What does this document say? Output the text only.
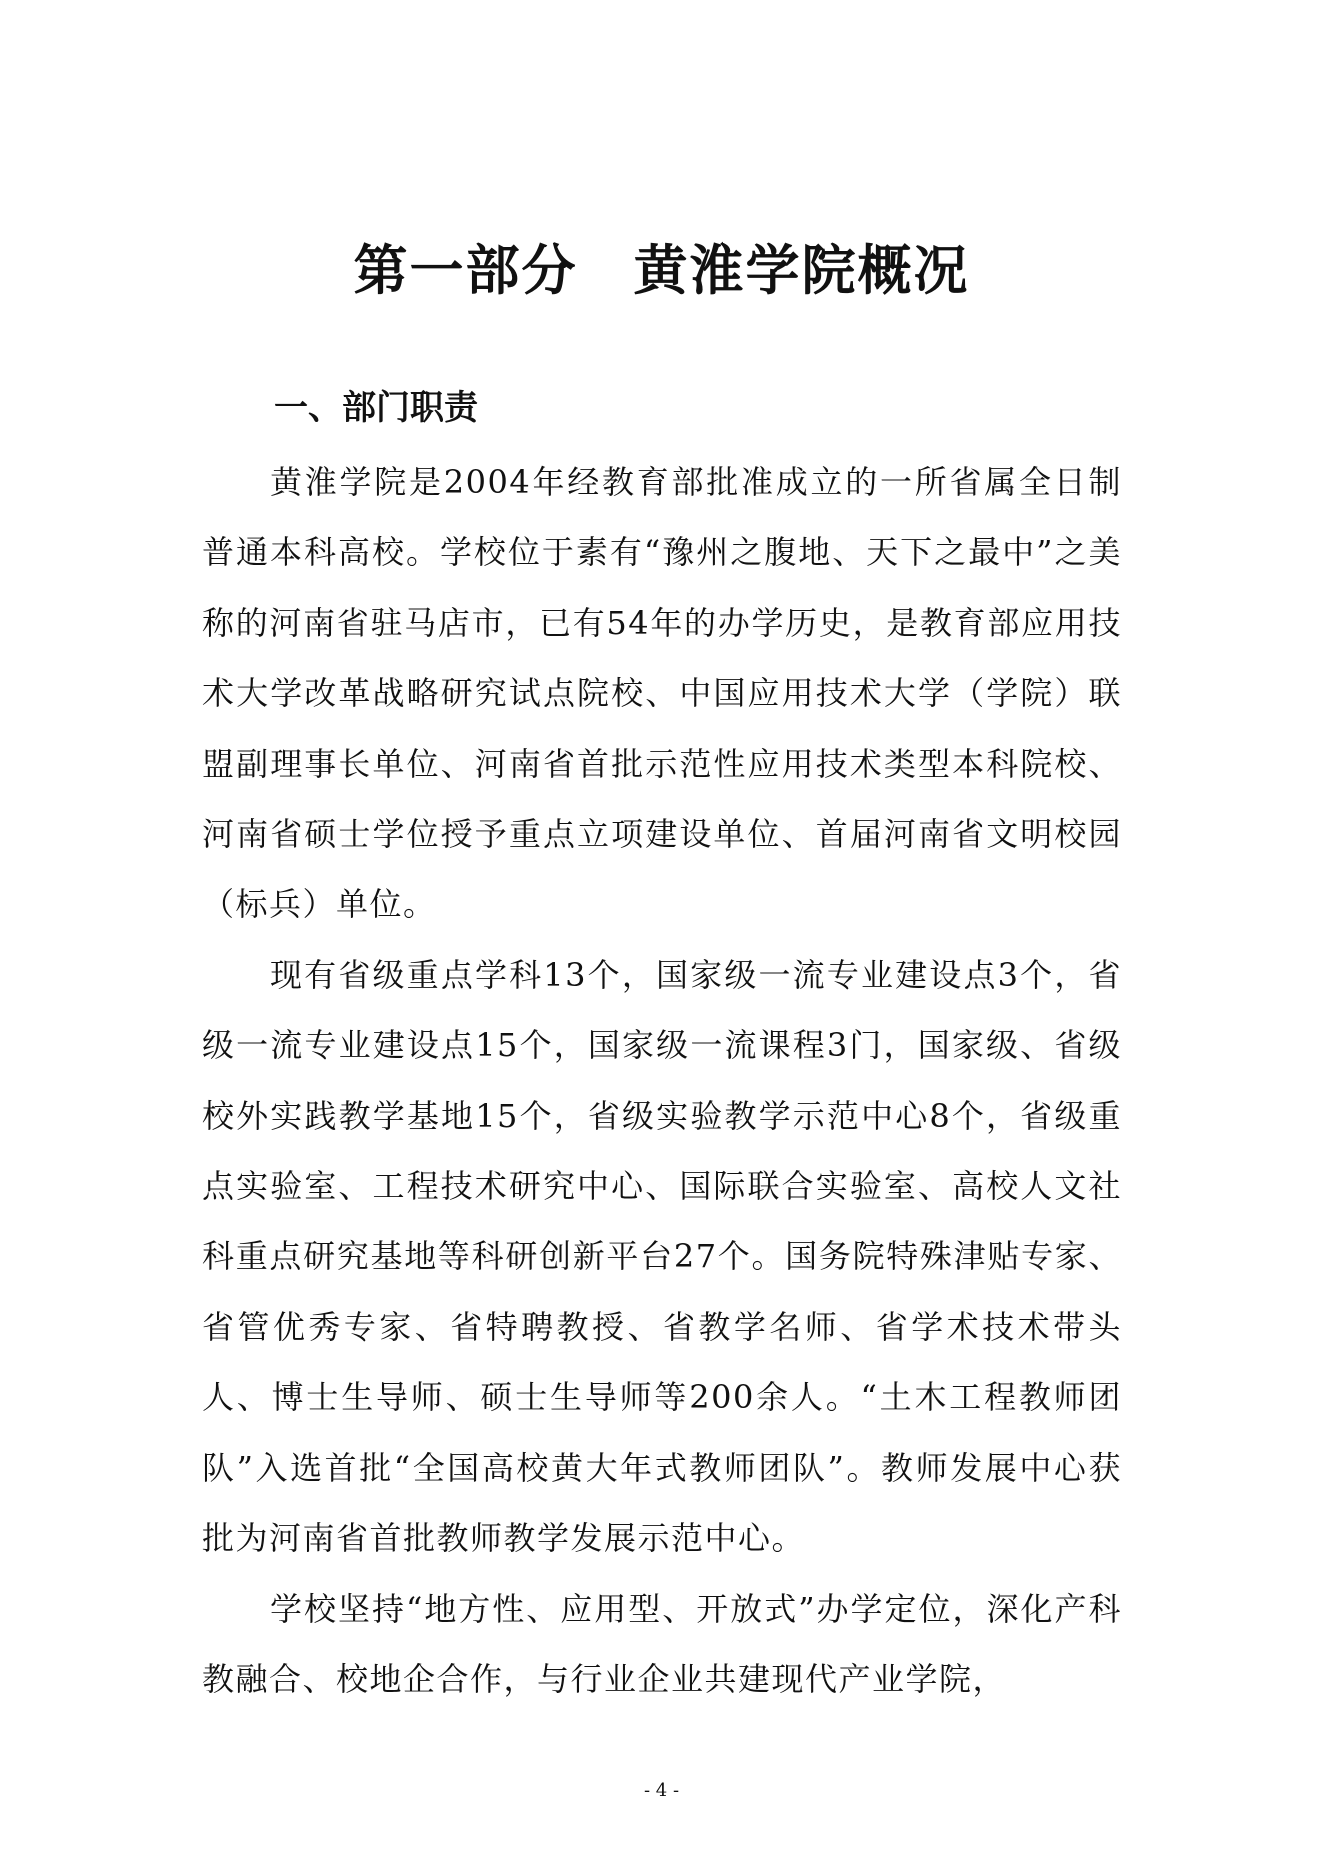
第一部分　黄淮学院概况
一、部门职责

黄淮学院是2004年经教育部批准成立的一所省属全日制普通本科高校。学校位于素有“豫州之腹地、天下之最中”之美称的河南省驻马店市，已有54年的办学历史，是教育部应用技术大学改革战略研究试点院校、中国应用技术大学（学院）联盟副理事长单位、河南省首批示范性应用技术类型本科院校、河南省硕士学位授予重点立项建设单位、首届河南省文明校园（标兵）单位。

现有省级重点学科13个，国家级一流专业建设点3个，省级一流专业建设点15个，国家级一流课程3门，国家级、省级校外实践教学基地15个，省级实验教学示范中心8个，省级重点实验室、工程技术研究中心、国际联合实验室、高校人文社科重点研究基地等科研创新平台27个。国务院特殊津贴专家、省管优秀专家、省特聘教授、省教学名师、省学术技术带头人、博士生导师、硕士生导师等200余人。“土木工程教师团队”入选首批“全国高校黄大年式教师团队”。教师发展中心获批为河南省首批教师教学发展示范中心。

学校坚持“地方性、应用型、开放式”办学定位，深化产科教融合、校地企合作，与行业企业共建现代产业学院，

- 4 -
